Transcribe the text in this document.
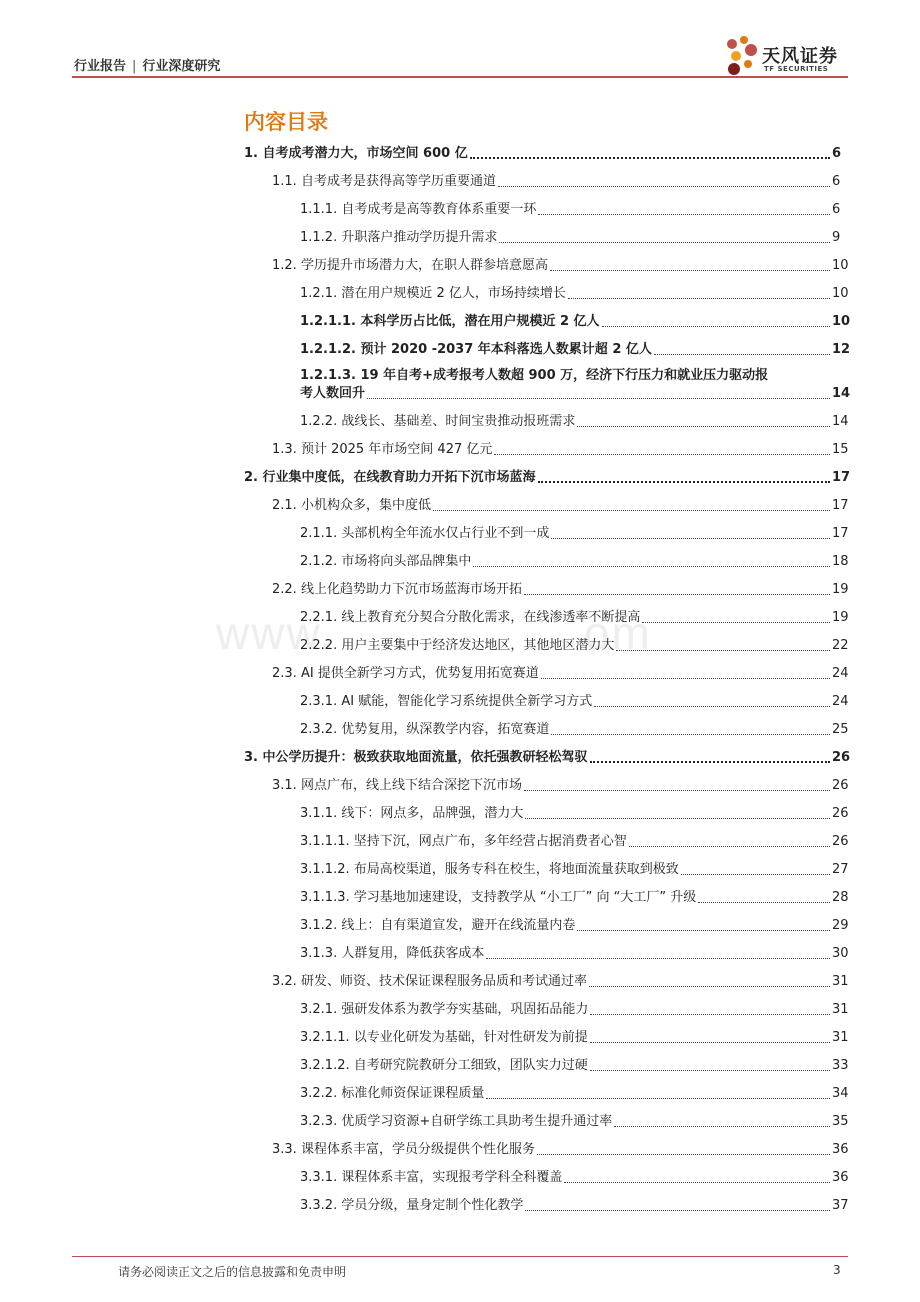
行业报告 | 行业深度研究	天风证券
TF SECURITIES
www.	om
内容目录
1. 自考成考潜力大，市场空间 600 亿	6
1.1. 自考成考是获得高等学历重要通道	6
1.1.1. 自考成考是高等教育体系重要一环	6
1.1.2. 升职落户推动学历提升需求	9
1.2. 学历提升市场潜力大，在职人群参培意愿高	10
1.2.1. 潜在用户规模近 2 亿人，市场持续增长	10
1.2.1.1. 本科学历占比低，潜在用户规模近 2 亿人	10
1.2.1.2. 预计 2020 -2037 年本科落选人数累计超 2 亿人	12
1.2.1.3. 19 年自考+成考报考人数超 900 万，经济下行压力和就业压力驱动报
考人数回升	14
1.2.2. 战线长、基础差、时间宝贵推动报班需求	14
1.3. 预计 2025 年市场空间 427 亿元	15
2. 行业集中度低，在线教育助力开拓下沉市场蓝海	17
2.1. 小机构众多，集中度低	17
2.1.1. 头部机构全年流水仅占行业不到一成	17
2.1.2. 市场将向头部品牌集中	18
2.2. 线上化趋势助力下沉市场蓝海市场开拓	19
2.2.1. 线上教育充分契合分散化需求，在线渗透率不断提高	19
2.2.2. 用户主要集中于经济发达地区，其他地区潜力大	22
2.3. AI 提供全新学习方式，优势复用拓宽赛道	24
2.3.1. AI 赋能，智能化学习系统提供全新学习方式	24
2.3.2. 优势复用，纵深教学内容，拓宽赛道	25
3. 中公学历提升：极致获取地面流量，依托强教研轻松驾驭	26
3.1. 网点广布，线上线下结合深挖下沉市场	26
3.1.1. 线下：网点多，品牌强，潜力大	26
3.1.1.1. 坚持下沉，网点广布，多年经营占据消费者心智	26
3.1.1.2. 布局高校渠道，服务专科在校生，将地面流量获取到极致	27
3.1.1.3. 学习基地加速建设，支持教学从 “小工厂” 向 “大工厂” 升级	28
3.1.2. 线上：自有渠道宣发，避开在线流量内卷	29
3.1.3. 人群复用，降低获客成本	30
3.2. 研发、师资、技术保证课程服务品质和考试通过率	31
3.2.1. 强研发体系为教学夯实基础，巩固拓品能力	31
3.2.1.1. 以专业化研发为基础，针对性研发为前提	31
3.2.1.2. 自考研究院教研分工细致，团队实力过硬	33
3.2.2. 标准化师资保证课程质量	34
3.2.3. 优质学习资源+自研学练工具助考生提升通过率	35
3.3. 课程体系丰富，学员分级提供个性化服务	36
3.3.1. 课程体系丰富，实现报考学科全科覆盖	36
3.3.2. 学员分级，量身定制个性化教学	37
请务必阅读正文之后的信息披露和免责申明	3
